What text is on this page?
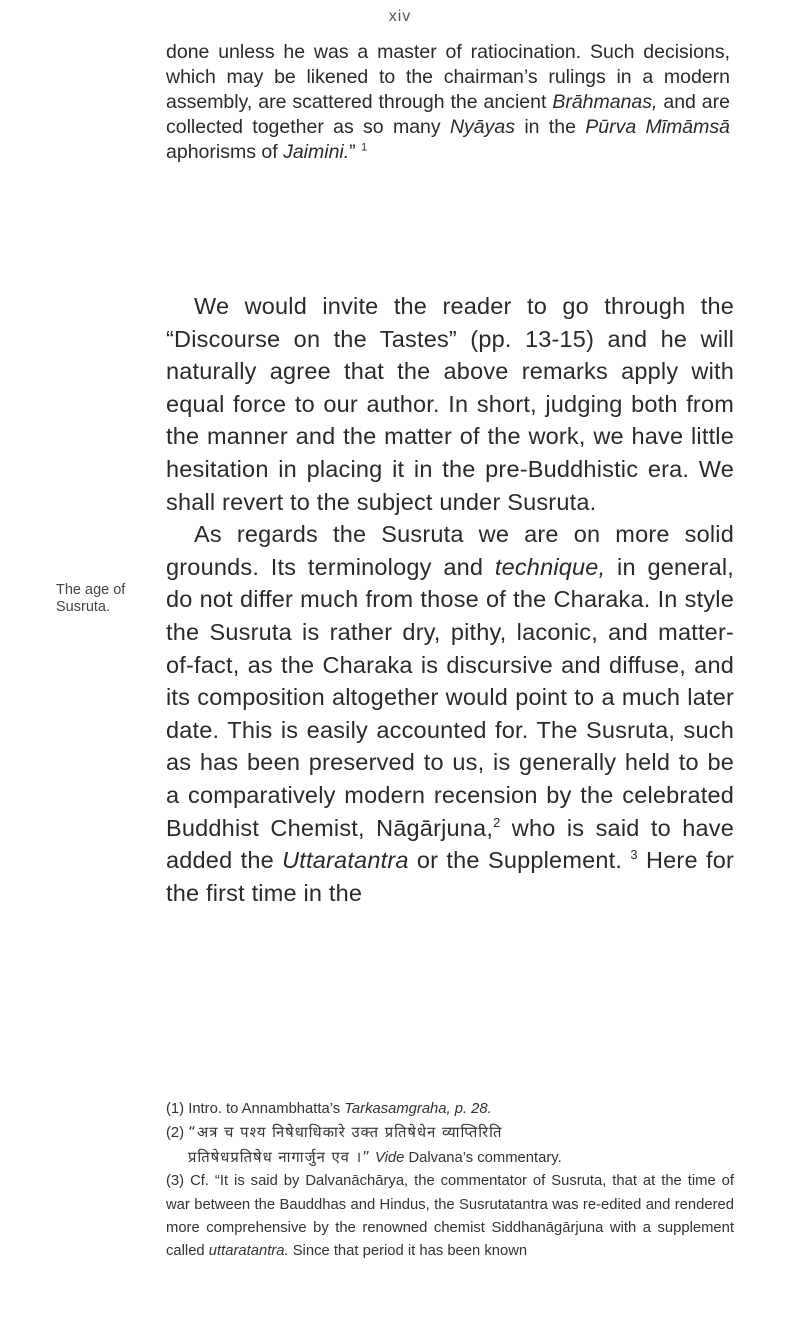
xiv
The age of
Susruta.

done unless he was a master of ratiocination. Such decisions, which may be likened to the chairman’s rulings in a modern assembly, are scattered through the ancient Brāhmanas, and are collected together as so many Nyāyas in the Pūrva Mīmāmsā aphorisms of Jaimini.” $^1$

We would invite the reader to go through the “Discourse on the Tastes” (pp. 13-15) and he will naturally agree that the above remarks apply with equal force to our author. In short, judging both from the manner and the matter of the work, we have little hesitation in placing it in the pre-Buddhistic era. We shall revert to the subject under Susruta.

As regards the Susruta we are on more solid grounds. Its terminology and technique, in general, do not differ much from those of the Charaka. In style the Susruta is rather dry, pithy, laconic, and matter-of-fact, as the Charaka is discursive and diffuse, and its composition altogether would point to a much later date. This is easily accounted for. The Susruta, such as has been preserved to us, is generally held to be a comparatively modern recension by the celebrated Buddhist Chemist, Nāgārjuna,$^2$ who is said to have added the Uttaratantra or the Supplement. $^3$ Here for the first time in the

(1) Intro. to Annambhatta’s Tarkasamgraha, p. 28.

(2) “अत्र च पश्य निषेधाधिकारे उक्त प्रतिषेधेन व्याप्तिरिति

प्रतिषेधप्रतिषेध नागार्जुन एव ।” Vide Dalvana’s commentary.

(3) Cf. “It is said by Dalvanāchārya, the commentator of Susruta, that at the time of war between the Bauddhas and Hindus, the Susrutatantra was re-edited and rendered more comprehensive by the renowned chemist Siddhanāgārjuna with a supplement called uttaratantra. Since that period it has been known
